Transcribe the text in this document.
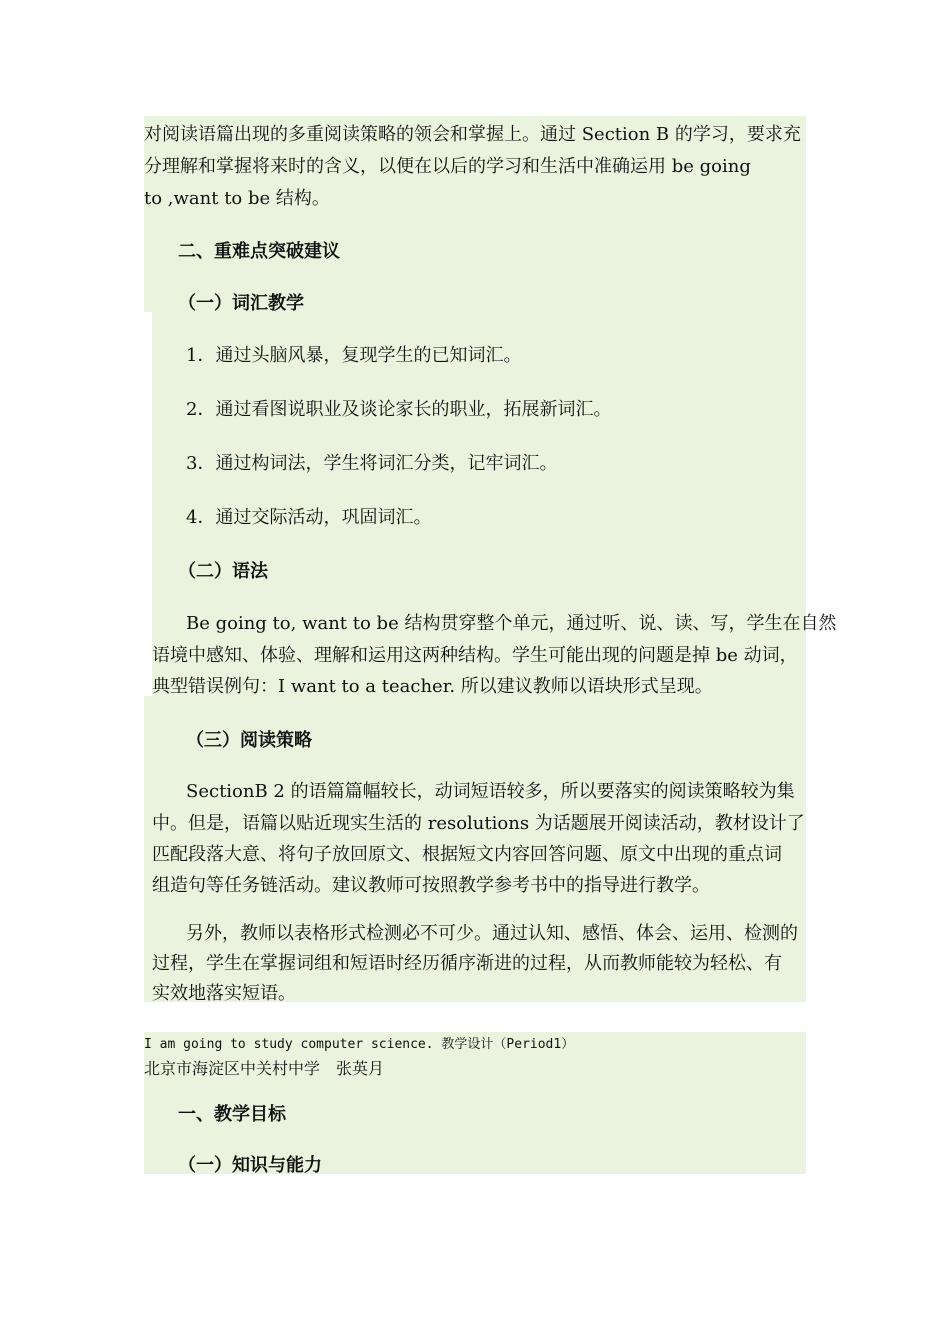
对阅读语篇出现的多重阅读策略的领会和掌握上。通过 Section B 的学习，要求充
分理解和掌握将来时的含义，以便在以后的学习和生活中准确运用 be going
to ,want to be 结构。
二、重难点突破建议
（一）词汇教学
1．通过头脑风暴，复现学生的已知词汇。
2．通过看图说职业及谈论家长的职业，拓展新词汇。
3．通过构词法，学生将词汇分类，记牢词汇。
4．通过交际活动，巩固词汇。
（二）语法
Be going to, want to be 结构贯穿整个单元，通过听、说、读、写，学生在自然
语境中感知、体验、理解和运用这两种结构。学生可能出现的问题是掉 be 动词，
典型错误例句：I want to a teacher. 所以建议教师以语块形式呈现。
（三）阅读策略
SectionB 2 的语篇篇幅较长，动词短语较多，所以要落实的阅读策略较为集
中。但是，语篇以贴近现实生活的 resolutions 为话题展开阅读活动，教材设计了
匹配段落大意、将句子放回原文、根据短文内容回答问题、原文中出现的重点词
组造句等任务链活动。建议教师可按照教学参考书中的指导进行教学。
另外，教师以表格形式检测必不可少。通过认知、感悟、体会、运用、检测的
过程，学生在掌握词组和短语时经历循序渐进的过程，从而教师能较为轻松、有
实效地落实短语。
I am going to study computer science. 教学设计（Period1）
北京市海淀区中关村中学　张英月
一、教学目标
（一）知识与能力
